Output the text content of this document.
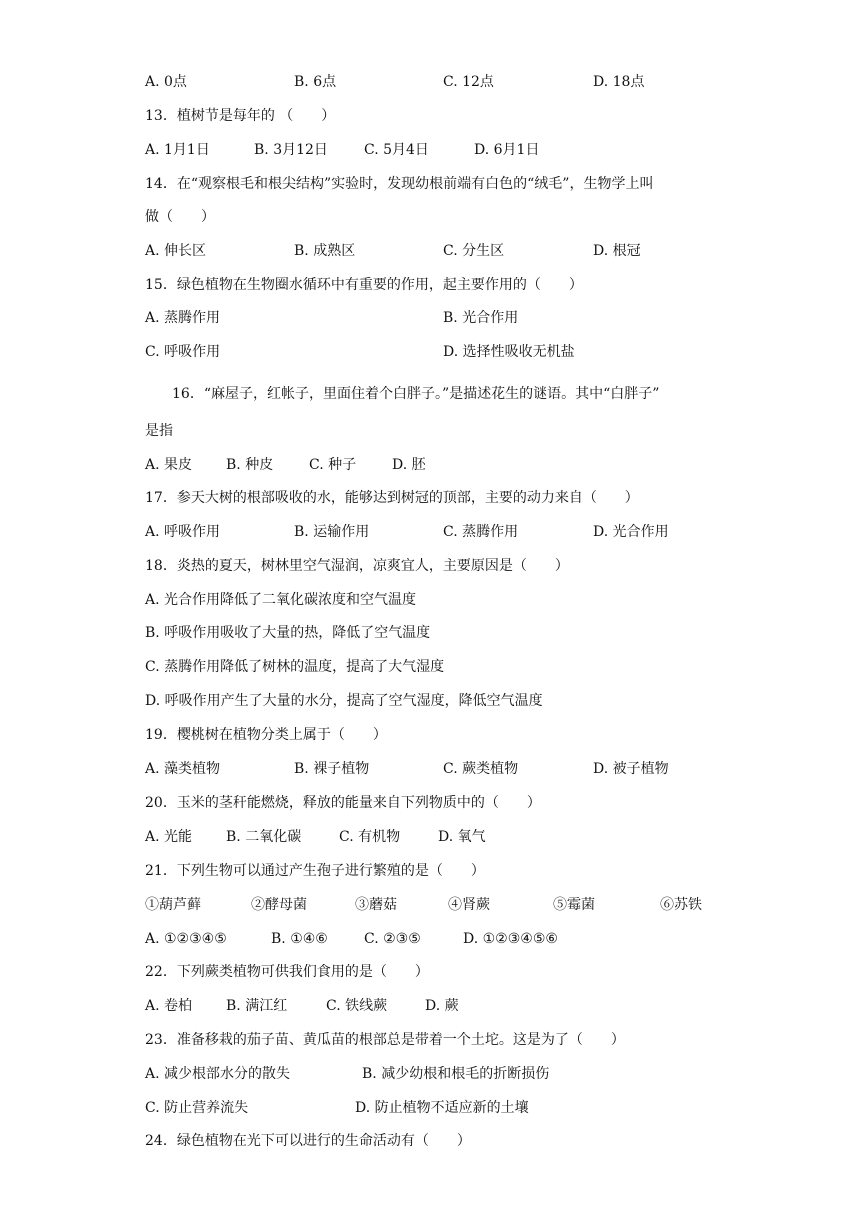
A. 0点	B. 6点	C. 12点	D. 18点
13．植树节是每年的 （　　）
A. 1月1日	B. 3月12日	C. 5月4日	D. 6月1日
14．在“观察根毛和根尖结构”实验时，发现幼根前端有白色的“绒毛”，生物学上叫
做（　　）
A. 伸长区	B. 成熟区	C. 分生区	D. 根冠
15．绿色植物在生物圈水循环中有重要的作用，起主要作用的（　　）
A. 蒸腾作用	B. 光合作用
C. 呼吸作用	D. 选择性吸收无机盐
16．“麻屋子，红帐子，里面住着个白胖子。”是描述花生的谜语。其中“白胖子”
是指
A. 果皮 B. 种皮	C. 种子	D. 胚
17．参天大树的根部吸收的水，能够达到树冠的顶部，主要的动力来自（　　）
A. 呼吸作用	B. 运输作用	C. 蒸腾作用	D. 光合作用
18．炎热的夏天，树林里空气湿润，凉爽宜人，主要原因是（　　）
A. 光合作用降低了二氧化碳浓度和空气温度
B. 呼吸作用吸收了大量的热，降低了空气温度
C. 蒸腾作用降低了树林的温度，提高了大气湿度
D. 呼吸作用产生了大量的水分，提高了空气湿度，降低空气温度
19．樱桃树在植物分类上属于（　　）
A. 藻类植物	B. 裸子植物	C. 蕨类植物	D. 被子植物
20．玉米的茎秆能燃烧，释放的能量来自下列物质中的（　　）
A. 光能 B. 二氧化碳	C. 有机物	D. 氧气
21．下列生物可以通过产生孢子进行繁殖的是（　　）
①葫芦藓	②酵母菌	③蘑菇	④肾蕨	⑤霉菌	⑥苏铁
A. ①②③④⑤	B. ①④⑥	C. ②③⑤	D. ①②③④⑤⑥
22．下列蕨类植物可供我们食用的是（　　）
A. 卷柏 B. 满江红	C. 铁线蕨	D. 蕨
23．准备移栽的茄子苗、黄瓜苗的根部总是带着一个土坨。这是为了（　　）
A. 减少根部水分的散失	B. 减少幼根和根毛的折断损伤
C. 防止营养流失	D. 防止植物不适应新的土壤
24．绿色植物在光下可以进行的生命活动有（　　）
